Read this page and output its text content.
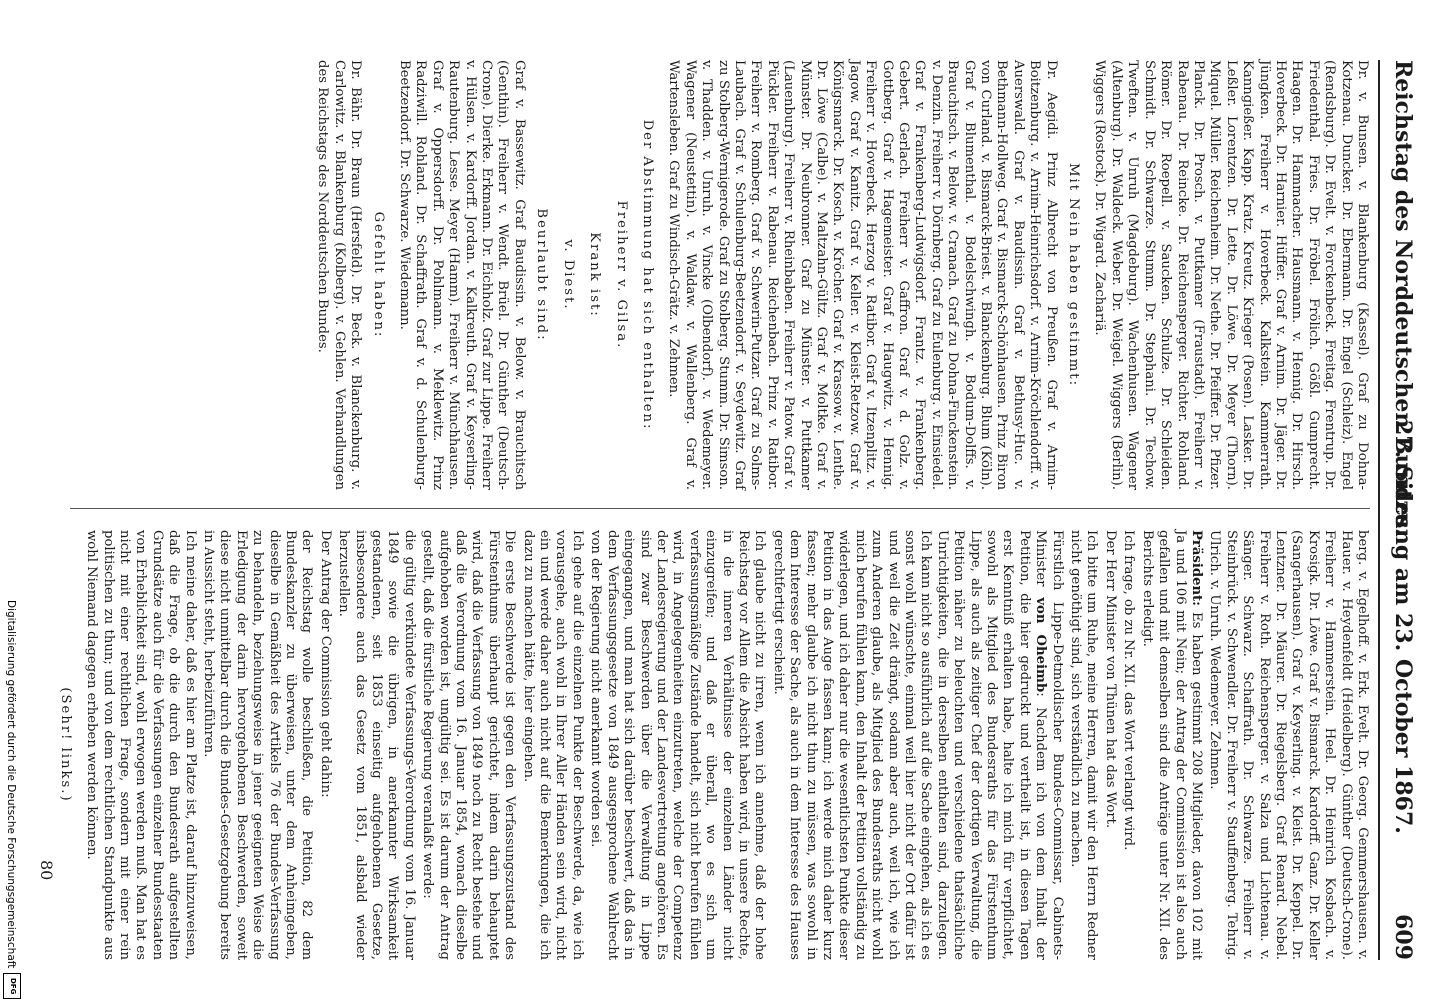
Reichstag des Norddeutschen Bundes.
27. Sitzung am 23. October 1867.
609

Dr. v. Bunsen. v. Blankenburg (Kassel). Graf zu Dohna-Kotzenau. Duncker. Dr. Ebermann. Dr. Engel (Schleiz). Engel (Rendsburg). Dr. Evelt. v. Forckenbeck. Freitag. Frentrup. Dr. Friedenthal. Fries. Dr. Fröbel. Frölich. Gößl. Gumprecht. Haagen. Dr. Hammacher. Hausmann. v. Hennig. Dr. Hirsch. Hoverbeck. Dr. Harnier. Hüffer. Graf v. Arnim. Dr. Jäger. Dr. Jüngken. Freiherr v. Hoverbeck. Kalkstein. Kammerrath. Kanngießer. Kapp. Kratz. Kreutz. Krieger (Posen). Lasker. Dr. Leßler. Lorentzen. Dr. Lette. Dr. Löwe. Dr. Meyer (Thorn). Miquel. Müller. Reichenheim. Dr. Nethe. Dr. Pfeiffer. Dr. Pfizer. Planck. Dr. Prosch. v. Puttkamer (Fraustadt). Freiherr v. Rabenau. Dr. Reincke. Dr. Reichensperger. Richter. Rohland. Römer. Dr. Roepell. v. Saucken. Schulze. Dr. Schleiden. Schmidt. Dr. Schwarze. Stumm. Dr. Stephani. Dr. Techow. Tweften. v. Unruh (Magdeburg). Wachenhusen. Wagener (Altenburg). Dr. Waldeck. Weber. Dr. Weigel. Wiggers (Berlin). Wiggers (Rostock). Dr. Wigard. Zachariä.

Mit Nein haben gestimmt:

Dr. Aegidi. Prinz Albrecht von Preußen. Graf v. Arnim-Boitzenburg. v. Arnim-Heinrichsdorf. v. Arnim-Kröchlendorff. v. Auerswald. Graf v. Baudissin. Graf v. Bethusy-Huc. v. Bethmann-Hollweg. Graf v. Bismarck-Schönhausen. Prinz Biron von Curland. v. Bismarck-Briest. v. Blanckenburg. Blum (Köln). Graf v. Blumenthal. v. Bodelschwingh. v. Bodum-Dolffs. v. Brauchitsch. v. Below. v. Cranach. Graf zu Dohna-Finckenstein. v. Denzin. Freiherr v. Dörnberg. Graf zu Eulenburg. v. Einsiedel. Graf v. Frankenberg-Ludwigsdorf. Frantz. v. Frankenberg. Gebert. Gerlach. Freiherr v. Gaffron. Graf v. d. Golz. v. Gottberg. Graf v. Hagemeister. Graf v. Haugwitz. v. Hennig. Freiherr v. Hoverbeck. Herzog v. Ratibor. Graf v. Itzenplitz. v. Jagow. Graf v. Kanitz. Graf v. Keller. v. Kleist-Retzow. Graf v. Königsmarck. Dr. Kosch. v. Kröcher. Graf v. Krassow. v. Lenthe. Dr. Löwe (Calbe). v. Maltzahn-Gültz. Graf v. Moltke. Graf v. Münster. Dr. Neubronner. Graf zu Münster. v. Puttkamer (Lauenburg). Freiherr v. Rheinbaben. Freiherr v. Patow. Graf v. Pückler. Freiherr v. Rabenau. Reichenbach. Prinz v. Ratibor. Freiherr v. Romberg. Graf v. Schwerin-Putzar. Graf zu Solms-Laubach. Graf v. Schulenburg-Beetzendorf. v. Seydewitz. Graf zu Stolberg-Wernigerode. Graf zu Stolberg. Stumm. Dr. Simson. v. Thadden. v. Unruh. v. Vincke (Olbendorf). v. Wedemeyer. Wagener (Neustettin). v. Waldaw. v. Wallenberg. Graf v. Wartensleben. Graf zu Windisch-Grätz. v. Zehmen.

Der Abstimmung hat sich enthalten:

Freiherr v. Gilsa.

Krank ist:

v. Diest.

Beurlaubt sind:

Graf v. Bassewitz. Graf Baudissin. v. Below. v. Brauchitsch (Genthin). Freiherr v. Wendt. Brüel. Dr. Günther (Deutsch-Crone). Dierke. Erkmann. Dr. Eichholz. Graf zur Lippe. Freiherr v. Hülsen. v. Kardorff. Jordan. v. Kalkreuth. Graf v. Keyserling-Rautenburg. Lesse. Meyer (Hamm). Freiherr v. Münchhausen. Graf v. Oppersdorff. Dr. Pohlmann. v. Meklewitz. Prinz Radziwill. Rohland. Dr. Schaffrath. Graf v. d. Schulenburg-Beetzendorf. Dr. Schwarze. Wiedemann.

Gefehlt haben:

Dr. Bähr. Dr. Braun (Hersfeld). Dr. Beck. v. Blanckenburg. v. Carlowitz. v. Blankenburg (Kolberg). v. Gehlen. Verhandlungen des Reichstags des Norddeutschen Bundes.

berg. v. Egelhoff. v. Erk. Evelt. Dr. Georg. Gemmershausen. v. Hauer. v. Heydenfeldt (Heidelberg). Günther (Deutsch-Crone). Freiherr v. Hammerstein. Heel. Dr. Heinrich Kosbach. v. Krosigk. Dr. Löwe. Graf v. Bismarck. Kardorff. Ganz. Dr. Keller (Sangerhausen). Graf v. Keyserling. v. Kleist. Dr. Keppel. Dr. Lentzner. Dr. Mäurer. Dr. Riegelsberg. Graf Renard. Nebel. Freiherr v. Roth. Reichensperger. v. Salza und Lichtenau. v. Sänger. Schwarz. Schaffrath. Dr. Schwarze. Freiherr v. Steinbrück. v. Schwendler. Dr. Freiherr v. Stauffenberg. Tehrig. Ulrich. v. Unruh. Wedemeyer. Zehmen.

Präsident: Es haben gestimmt 208 Mitglieder, davon 102 mit Ja und 106 mit Nein; der Antrag der Commission ist also auch gefallen und mit demselben sind die Anträge unter Nr. XII. des Berichts erledigt.

Ich frage, ob zu Nr. XII. das Wort verlangt wird.

Der Herr Minister von Thünen hat das Wort.

Ich bitte um Ruhe, meine Herren, damit wir den Herrn Redner nicht genöthigt sind, sich verständlich zu machen.

Fürstlich Lippe-Detmoldischer Bundes-Commissar, Cabinets-Minister von Oheimb: Nachdem ich von dem Inhalt der Petition, die hier gedruckt und vertheilt ist, in diesen Tagen erst Kenntniß erhalten habe, halte ich mich für verpflichtet, sowohl als Mitglied des Bundesraths für das Fürstenthum Lippe, als auch als zeitiger Chef der dortigen Verwaltung, die Petition näher zu beleuchten und verschiedene thatsächliche Unrichtigkeiten, die in derselben enthalten sind, darzulegen. Ich kann nicht so ausführlich auf die Sache eingehen, als ich es sonst wohl wünschte, einmal weil hier nicht der Ort dafür ist und weil die Zeit drängt, sodann aber auch, weil ich, wie ich zum Anderen glaube, als Mitglied des Bundesraths nicht wohl mich berufen fühlen kann, den Inhalt der Petition vollständig zu widerlegen, und ich daher nur die wesentlichsten Punkte dieser Petition in das Auge fassen kann; ich werde mich daher kurz fassen; mehr glaube ich nicht thun zu müssen, was sowohl in dem Interesse der Sache, als auch in dem Interesse des Hauses gerechtfertigt erscheint.

Ich glaube nicht zu irren, wenn ich annehme, daß der hohe Reichstag vor Allem die Absicht haben wird, in unsere Rechte, in die inneren Verhältnisse der einzelnen Länder nicht einzugreifen; und daß er überall, wo es sich um verfassungsmäßige Zustände handelt, sich nicht berufen fühlen wird, in Angelegenheiten einzutreten, welche der Competenz der Landesregierung und der Landesvertretung angehören. Es sind zwar Beschwerden über die Verwaltung in Lippe eingegangen, und man hat sich darüber beschwert, daß das in dem Verfassungsgesetze von 1849 ausgesprochene Wahlrecht von der Regierung nicht anerkannt worden sei.

Ich gehe auf die einzelnen Punkte der Beschwerde, da, wie ich vorausgehe, auch wohl in Ihrer Aller Händen sein wird, nicht ein und werde daher auch nicht auf die Bemerkungen, die ich dazu zu machen hätte, hier eingehen.

Die erste Beschwerde ist gegen den Verfassungszustand des Fürstenthums überhaupt gerichtet, indem darin behauptet wird, daß die Verfassung von 1849 noch zu Recht bestehe und daß die Verordnung vom 16. Januar 1854, wonach dieselbe aufgehoben worden ist, ungültig sei. Es ist darum der Antrag gestellt, daß die fürstliche Regierung veranlaßt werde:

die gültig verkündete Verfassungs-Verordnung vom 16. Januar 1849 sowie die übrigen, in anerkannter Wirksamkeit gestandenen, seit 1853 einseitig aufgehobenen Gesetze, insbesondere auch das Gesetz vom 1851, alsbald wieder herzustellen.

Der Antrag der Commission geht dahin:

der Reichstag wolle beschließen, die Petition, 82 dem Bundeskanzler zu überweisen, unter dem Anheimgeben, dieselbe in Gemäßheit des Artikels 76 der Bundes-Verfassung zu behandeln, beziehungsweise in jener geeigneten Weise die Erledigung der darin hervorgehobenen Beschwerden, soweit diese nicht unmittelbar durch die Bundes-Gesetzgebung bereits in Aussicht steht, herbeizuführen.

Ich meine daher, daß es hier am Platze ist, darauf hinzuweisen, daß die Frage, ob die durch den Bundesrath aufgestellten Grundsätze auch für die Verfassungen einzelner Bundesstaaten von Erheblichkeit sind, wohl erwogen werden muß. Man hat es nicht mit einer rechtlichen Frage, sondern mit einer rein politischen zu thun; und von dem rechtlichen Standpunkte aus wohl Niemand dagegen erheben werden können.

(Sehr! links.)

80
Digitalisierung gefördert durch die Deutsche Forschungsgemeinschaft
DFG
